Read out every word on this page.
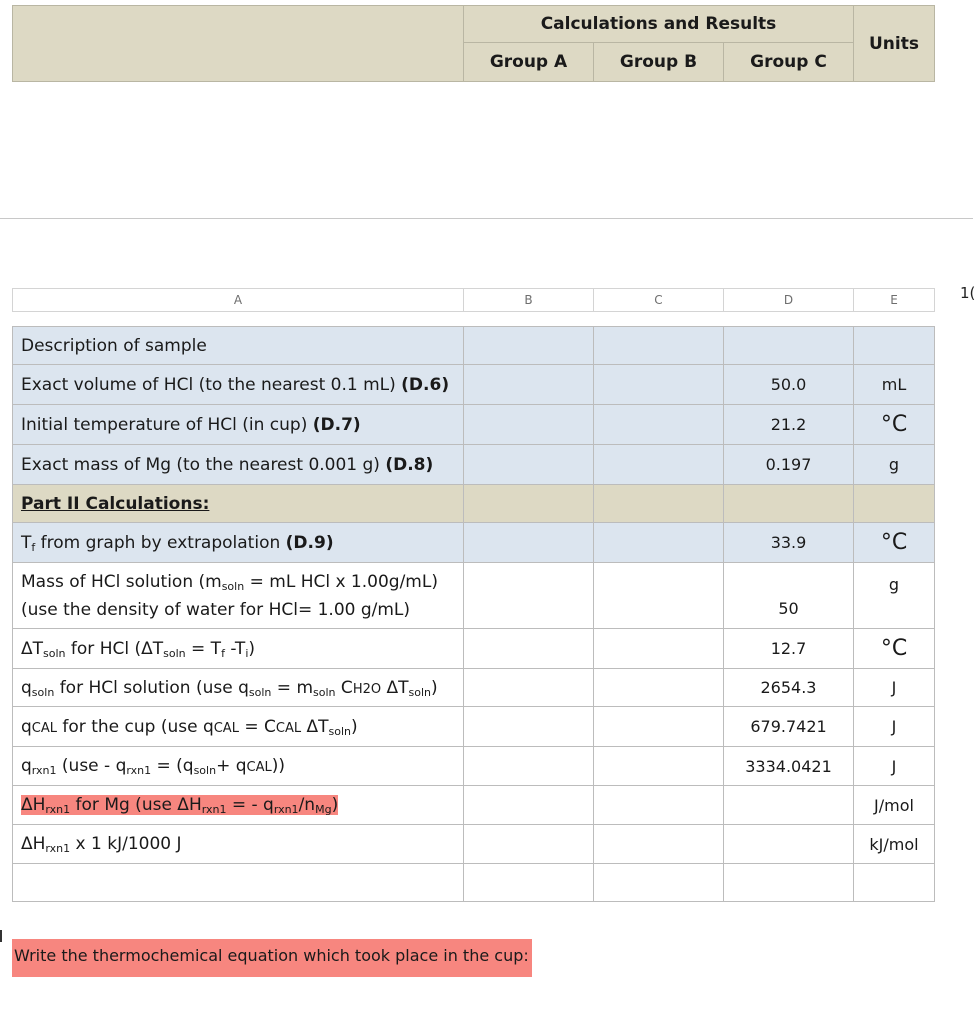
	Calculations and Results			Units
	Group A	Group B	Group C	
1(
A	B	C	D	E
Description of sample				
Exact volume of HCl (to the nearest 0.1 mL) (D.6)			50.0	mL
Initial temperature of HCl (in cup) (D.7)			21.2	°C
Exact mass of Mg (to the nearest 0.001 g) (D.8)			0.197	g
Part II Calculations:				
$T_f$ from graph by extrapolation (D.9)			33.9	°C
Mass of HCl solution ($m_{soln}$ = mL HCl x 1.00g/mL)
(use the density of water for HCl= 1.00 g/mL)			50	g
$\Delta T_{soln}$ for HCl ($\Delta T_{soln} = T_f$ $-T_i$)			12.7	°C
$q_{soln}$ for HCl solution (use $q_{soln} = m_{soln}$ CH2O $\Delta T_{soln}$)			2654.3	J
qCAL for the cup (use qCAL = CCAL $\Delta T_{soln}$)			679.7421	J
$q_{rxn1}$ ($use - q_{rxn1} = (q_{soln}+$ qCAL))			3334.0421	J
$\Delta H_{rxn1}$ for Mg (use $\Delta H_{rxn1}$ = - $q_{rxn1}/n_{Mg}$)				J/mol
$\Delta H_{rxn1}$ x 1 kJ/1000 J				kJ/mol

Write the thermochemical equation which took place in the cup:
